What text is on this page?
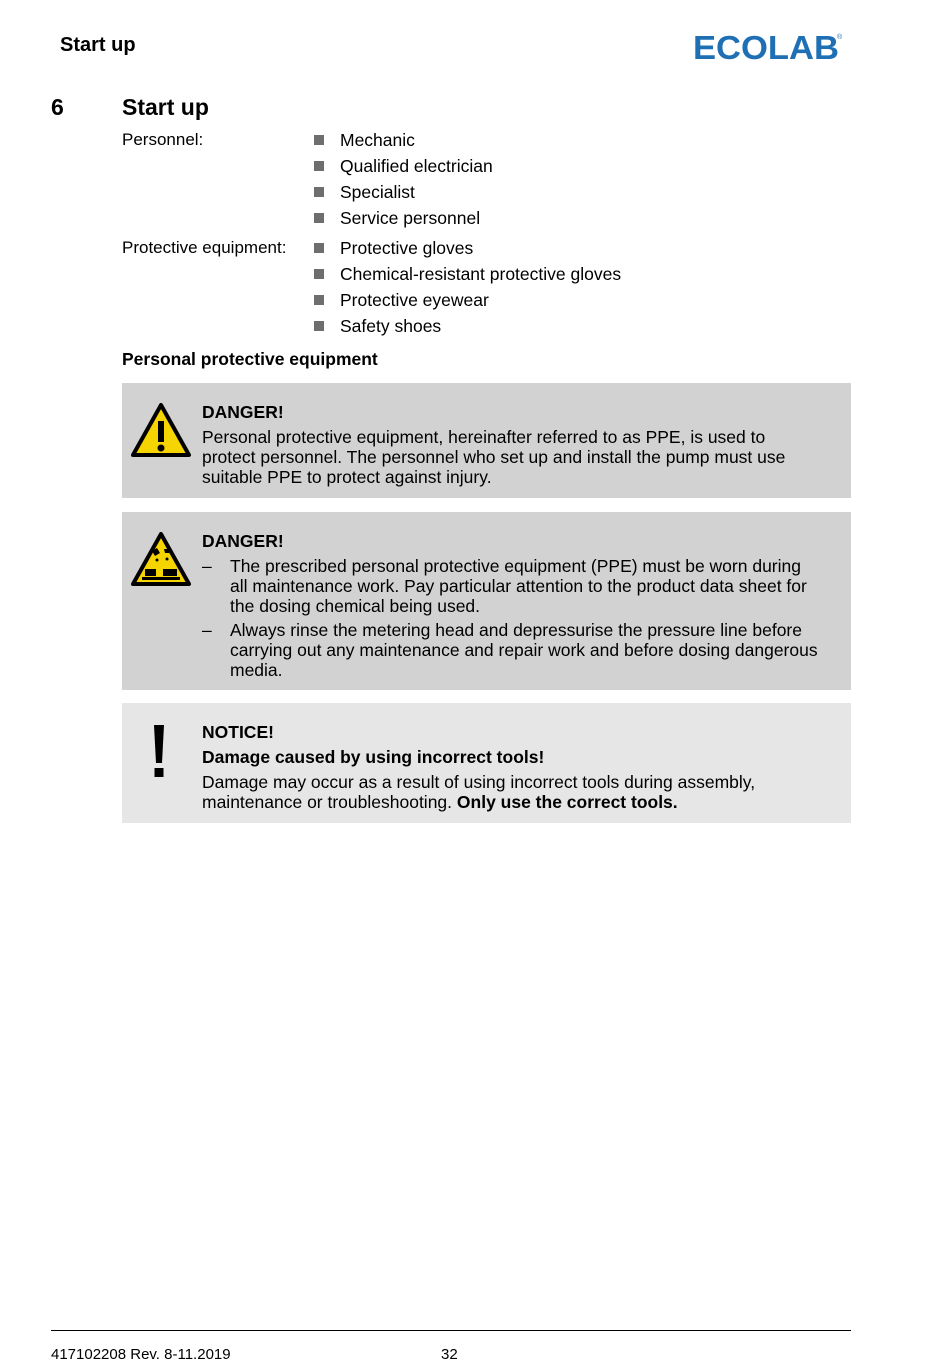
Start up	ECOLAB
®
6	Start up
Personnel:	Mechanic
Qualified electrician
Specialist
Service personnel
Protective equipment:	Protective gloves
Chemical-resistant protective gloves
Protective eyewear
Safety shoes
Personal protective equipment
DANGER!
Personal protective equipment, hereinafter referred to as PPE, is used to protect personnel. The personnel who set up and install the pump must use suitable PPE to protect against injury.
DANGER!
– The prescribed personal protective equipment (PPE) must be worn during all maintenance work. Pay particular attention to the product data sheet for the dosing chemical being used.
– Always rinse the metering head and depressurise the pressure line before carrying out any maintenance and repair work and before dosing dangerous media.
NOTICE!
Damage caused by using incorrect tools!
Damage may occur as a result of using incorrect tools during assembly, maintenance or troubleshooting. Only use the correct tools.
417102208 Rev. 8-11.2019	32
